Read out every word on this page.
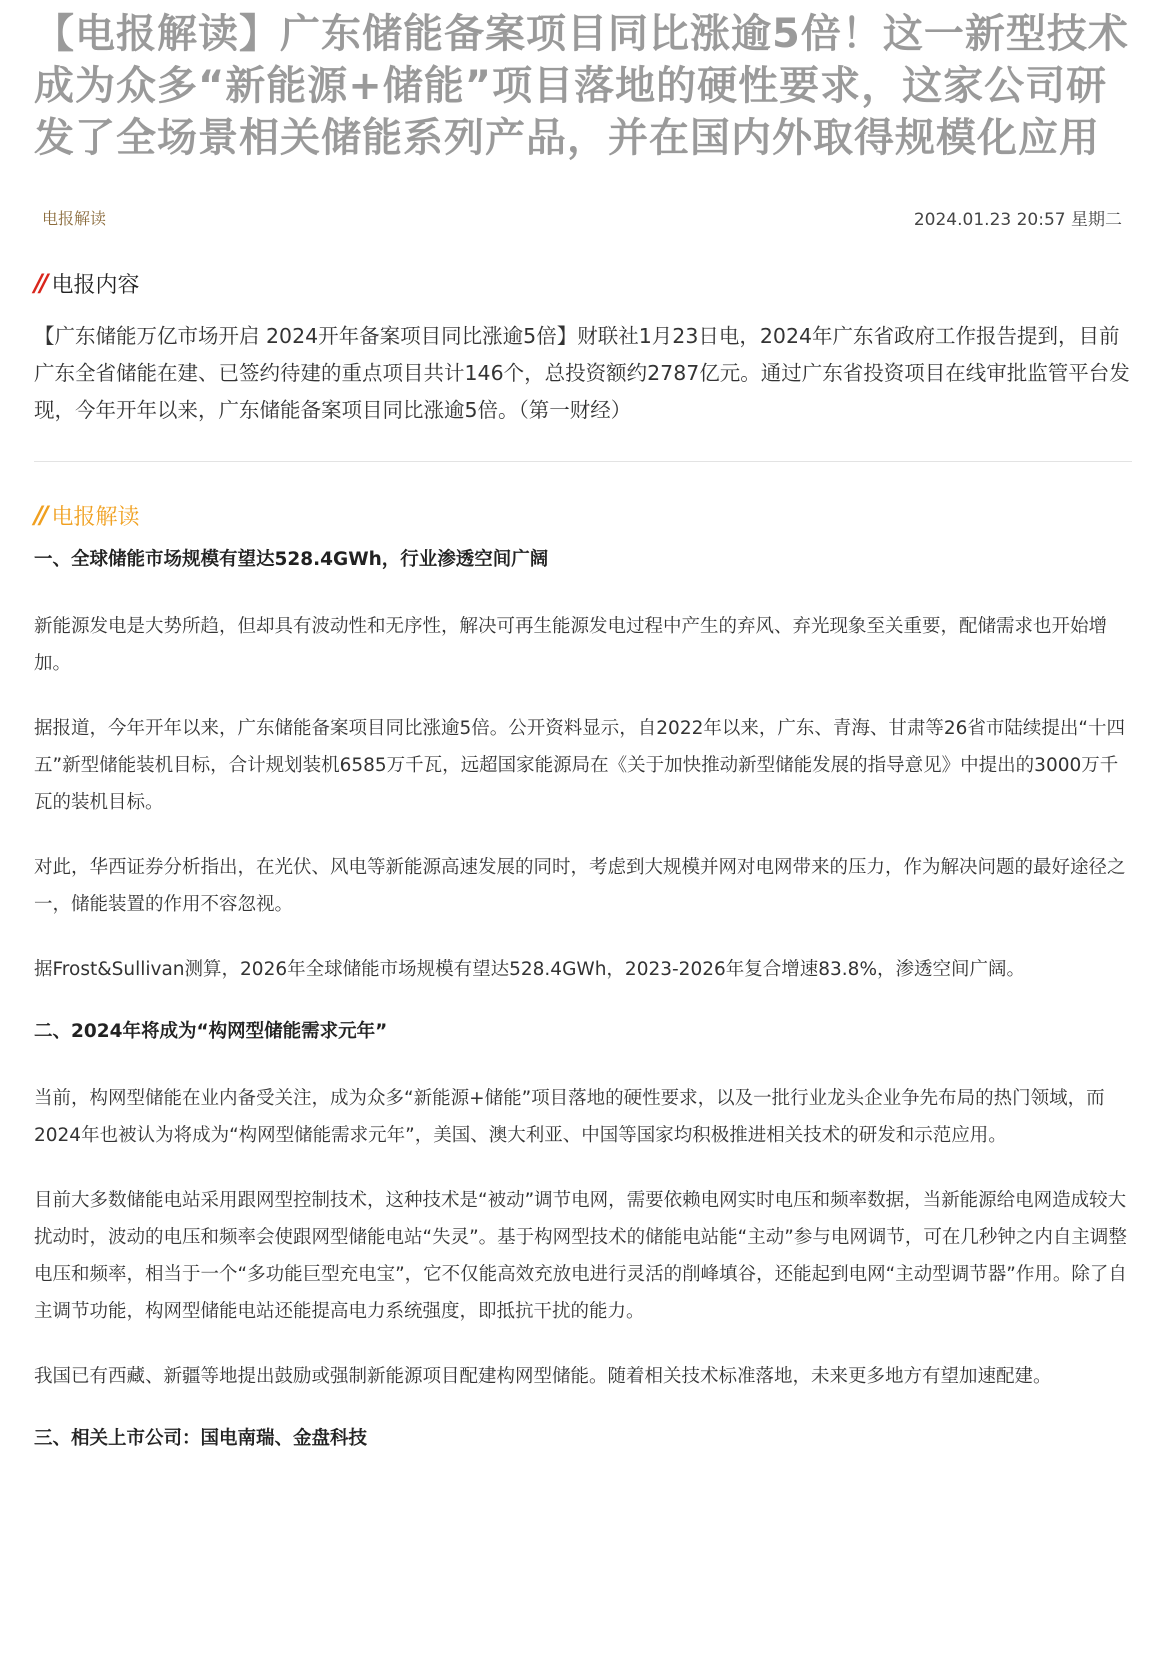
【电报解读】广东储能备案项目同比涨逾5倍！这一新型技术成为众多“新能源+储能”项目落地的硬性要求，这家公司研发了全场景相关储能系列产品，并在国内外取得规模化应用
电报解读	2024.01.23 20:57 星期二
// 电报内容

【广东储能万亿市场开启 2024开年备案项目同比涨逾5倍】财联社1月23日电，2024年广东省政府工作报告提到，目前广东全省储能在建、已签约待建的重点项目共计146个，总投资额约2787亿元。通过广东省投资项目在线审批监管平台发现，今年开年以来，广东储能备案项目同比涨逾5倍。（第一财经）

// 电报解读

一、全球储能市场规模有望达528.4GWh，行业渗透空间广阔

新能源发电是大势所趋，但却具有波动性和无序性，解决可再生能源发电过程中产生的弃风、弃光现象至关重要，配储需求也开始增加。

据报道，今年开年以来，广东储能备案项目同比涨逾5倍。公开资料显示，自2022年以来，广东、青海、甘肃等26省市陆续提出“十四五”新型储能装机目标，合计规划装机6585万千瓦，远超国家能源局在《关于加快推动新型储能发展的指导意见》中提出的3000万千瓦的装机目标。

对此，华西证券分析指出，在光伏、风电等新能源高速发展的同时，考虑到大规模并网对电网带来的压力，作为解决问题的最好途径之一，储能装置的作用不容忽视。

据Frost&Sullivan测算，2026年全球储能市场规模有望达528.4GWh，2023-2026年复合增速83.8%，渗透空间广阔。

二、2024年将成为“构网型储能需求元年”

当前，构网型储能在业内备受关注，成为众多“新能源+储能”项目落地的硬性要求，以及一批行业龙头企业争先布局的热门领域，而2024年也被认为将成为“构网型储能需求元年”，美国、澳大利亚、中国等国家均积极推进相关技术的研发和示范应用。

目前大多数储能电站采用跟网型控制技术，这种技术是“被动”调节电网，需要依赖电网实时电压和频率数据，当新能源给电网造成较大扰动时，波动的电压和频率会使跟网型储能电站“失灵”。基于构网型技术的储能电站能“主动”参与电网调节，可在几秒钟之内自主调整电压和频率，相当于一个“多功能巨型充电宝”，它不仅能高效充放电进行灵活的削峰填谷，还能起到电网“主动型调节器”作用。除了自主调节功能，构网型储能电站还能提高电力系统强度，即抵抗干扰的能力。

我国已有西藏、新疆等地提出鼓励或强制新能源项目配建构网型储能。随着相关技术标准落地，未来更多地方有望加速配建。

三、相关上市公司：国电南瑞、金盘科技
